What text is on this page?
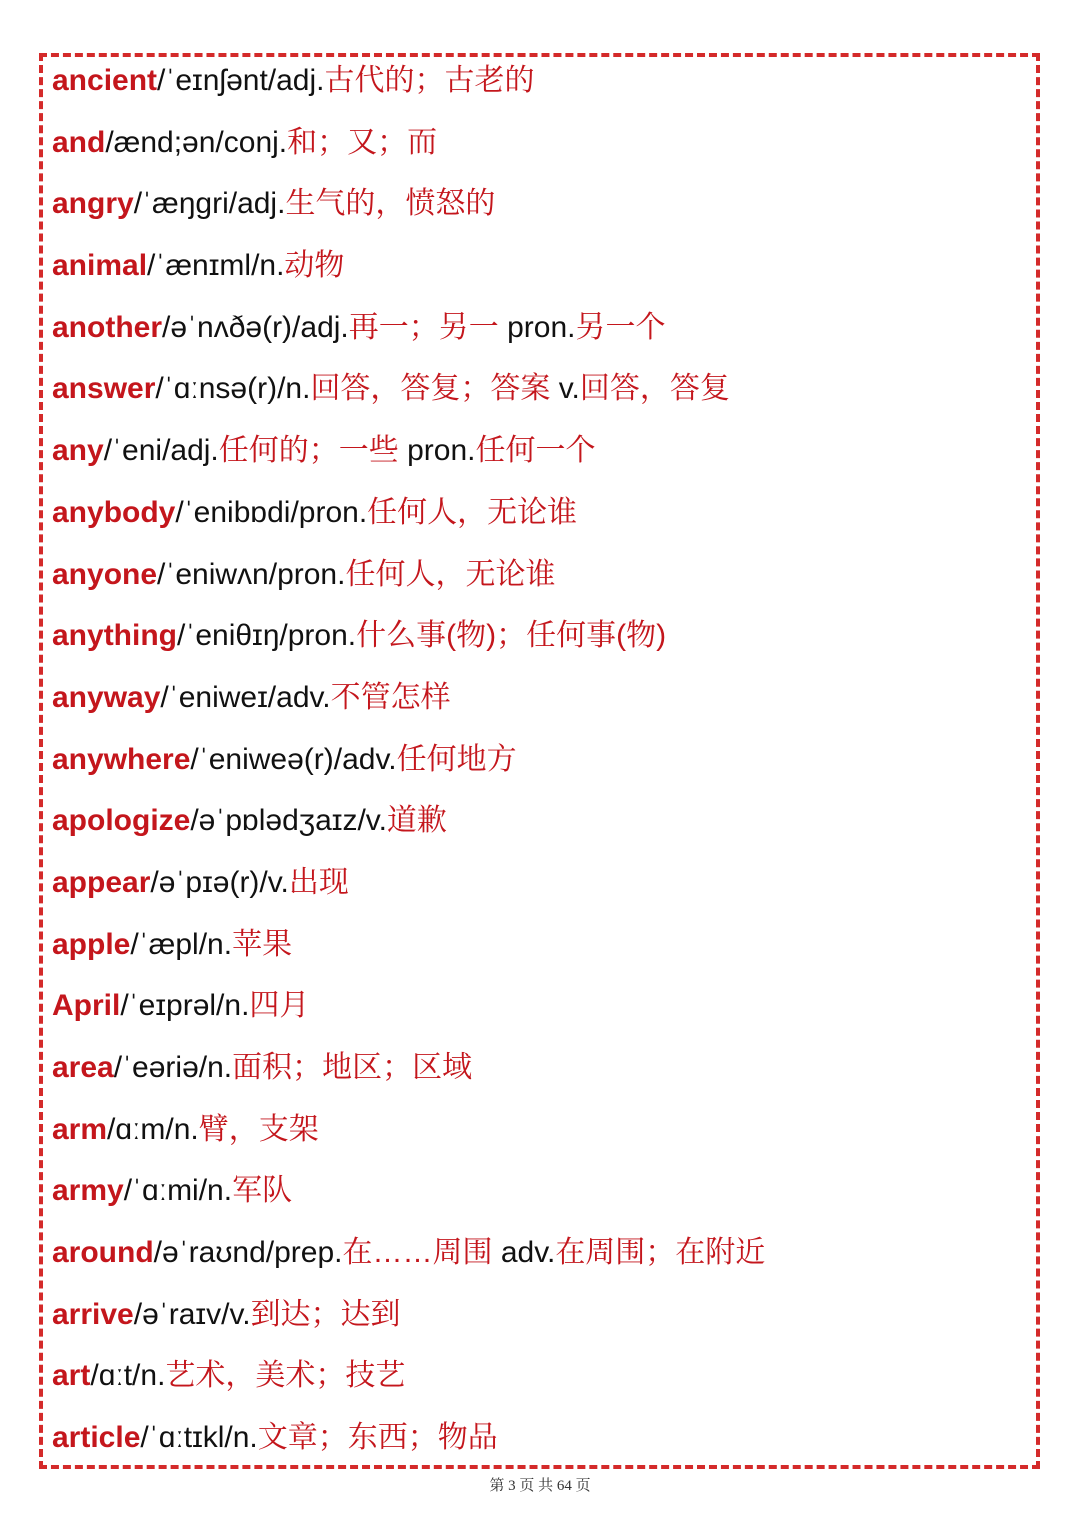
ancient/ˈeɪnʃənt/adj.古代的；古老的
and/ænd;ən/conj.和；又；而
angry/ˈæŋgri/adj.生气的，愤怒的
animal/ˈænɪml/n.动物
another/əˈnʌðə(r)/adj.再一；另一 pron.另一个
answer/ˈɑːnsə(r)/n.回答，答复；答案 v.回答，答复
any/ˈeni/adj.任何的；一些 pron.任何一个
anybody/ˈenibɒdi/pron.任何人，无论谁
anyone/ˈeniwʌn/pron.任何人，无论谁
anything/ˈeniθɪŋ/pron.什么事(物)；任何事(物)
anyway/ˈeniweɪ/adv.不管怎样
anywhere/ˈeniweə(r)/adv.任何地方
apologize/əˈpɒlədʒaɪz/v.道歉
appear/əˈpɪə(r)/v.出现
apple/ˈæpl/n.苹果
April/ˈeɪprəl/n.四月
area/ˈeəriə/n.面积；地区；区域
arm/ɑːm/n.臂，支架
army/ˈɑːmi/n.军队
around/əˈraʊnd/prep.在……周围 adv.在周围；在附近
arrive/əˈraɪv/v.到达；达到
art/ɑːt/n.艺术，美术；技艺
article/ˈɑːtɪkl/n.文章；东西；物品
第 3 页 共 64 页
